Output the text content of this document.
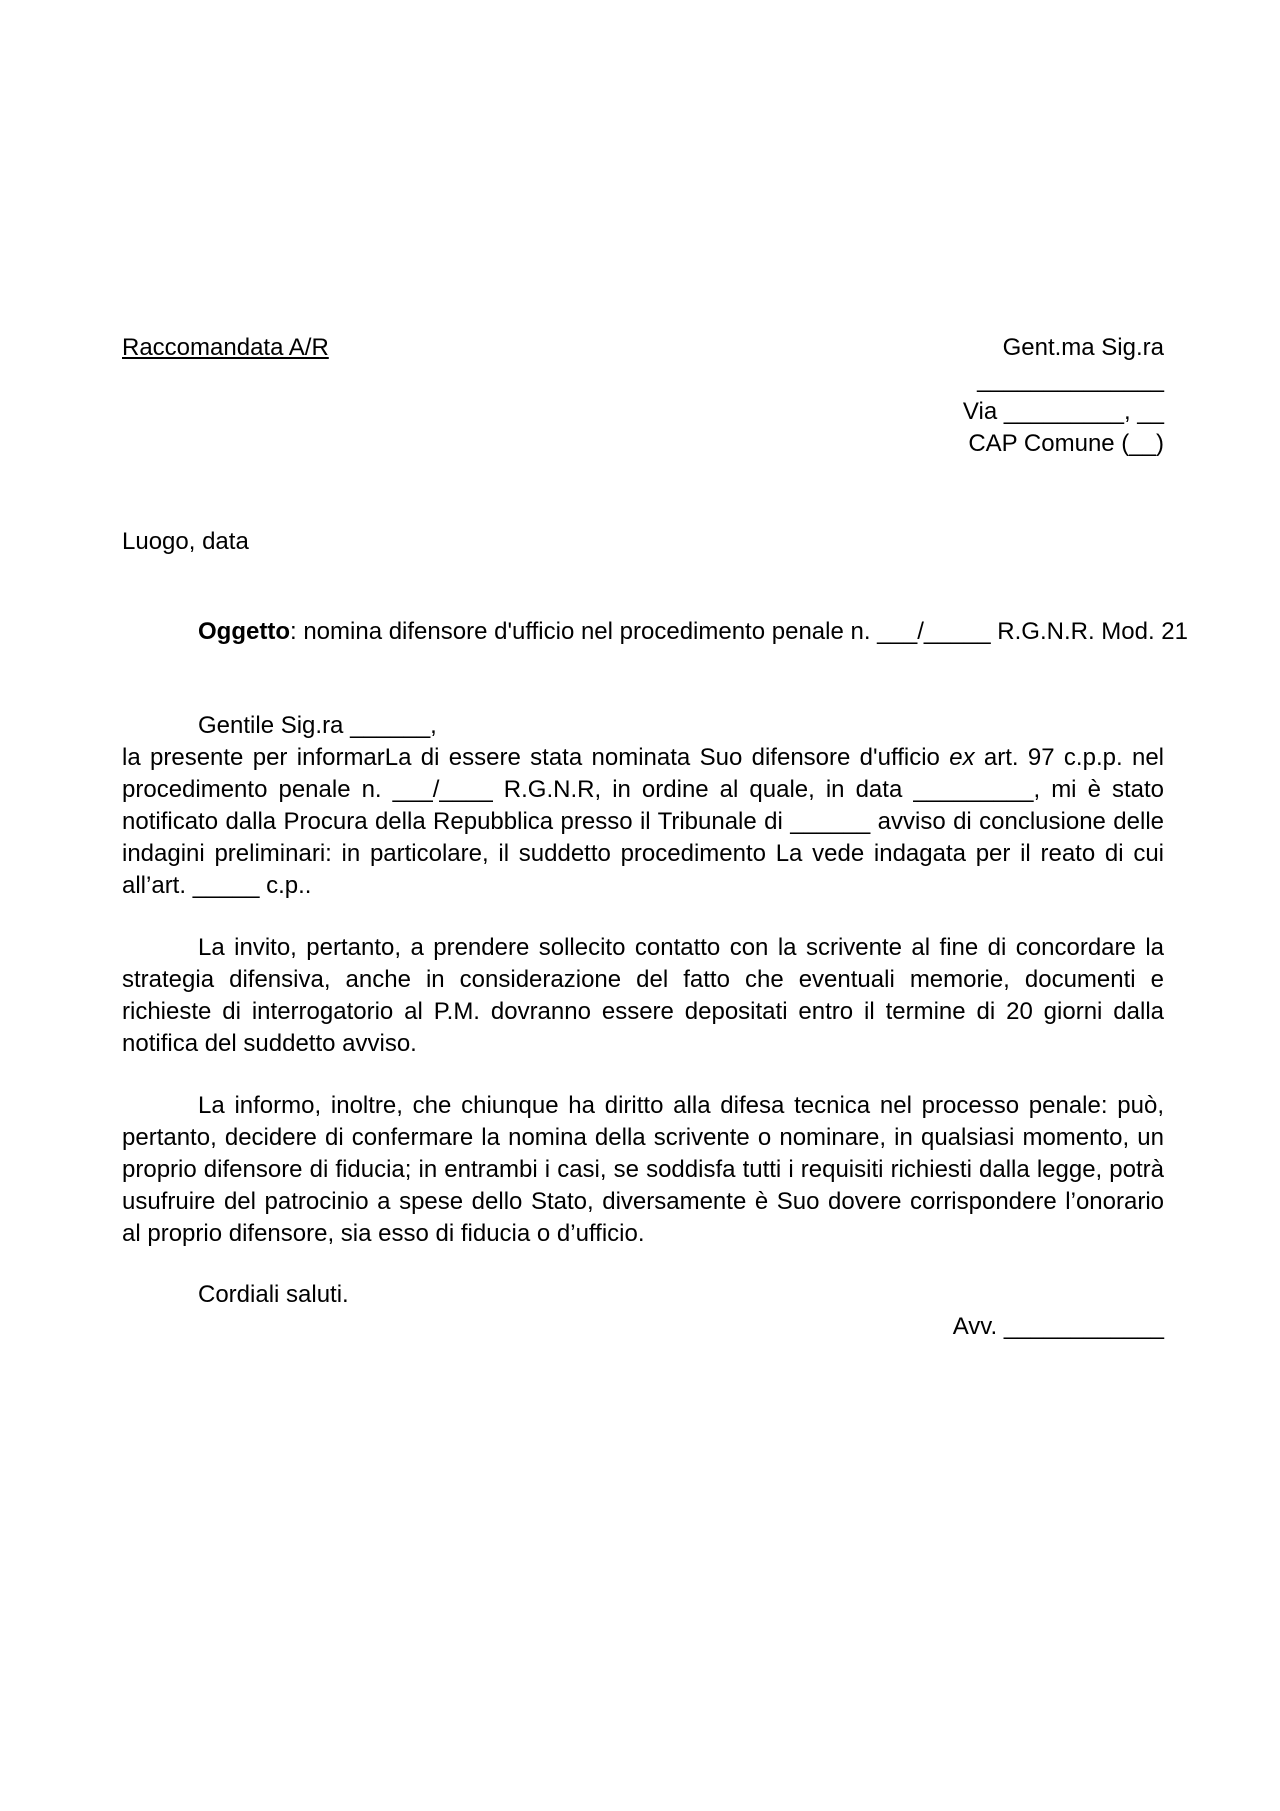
Raccomandata A/R	Gent.ma Sig.ra
______________
Via _________, __
CAP Comune (__)
Luogo, data
Oggetto: nomina difensore d'ufficio nel procedimento penale n. ___/_____ R.G.N.R. Mod. 21

Gentile Sig.ra ______,

la presente per informarLa di essere stata nominata Suo difensore d'ufficio ex art. 97 c.p.p. nel procedimento penale n. ___/____ R.G.N.R, in ordine al quale, in data _________, mi è stato notificato dalla Procura della Repubblica presso il Tribunale di ______ avviso di conclusione delle indagini preliminari: in particolare, il suddetto procedimento La vede indagata per il reato di cui all’art. _____ c.p..

La invito, pertanto, a prendere sollecito contatto con la scrivente al fine di concordare la strategia difensiva, anche in considerazione del fatto che eventuali memorie, documenti e richieste di interrogatorio al P.M. dovranno essere depositati entro il termine di 20 giorni dalla notifica del suddetto avviso.

La informo, inoltre, che chiunque ha diritto alla difesa tecnica nel processo penale: può, pertanto, decidere di confermare la nomina della scrivente o nominare, in qualsiasi momento, un proprio difensore di fiducia; in entrambi i casi, se soddisfa tutti i requisiti richiesti dalla legge, potrà usufruire del patrocinio a spese dello Stato, diversamente è Suo dovere corrispondere l’onorario al proprio difensore, sia esso di fiducia o d’ufficio.

Cordiali saluti.
Avv. ____________
